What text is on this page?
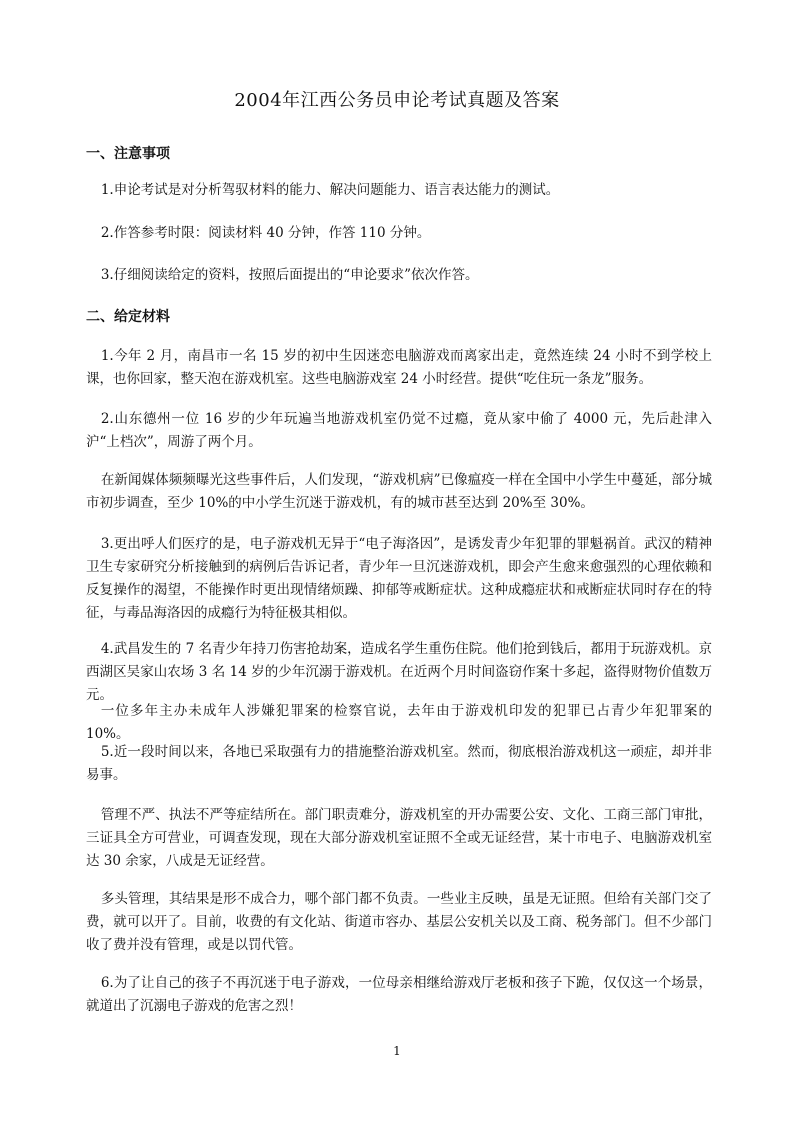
2004年江西公务员申论考试真题及答案
一、注意事项

1.申论考试是对分析驾驭材料的能力、解决问题能力、语言表达能力的测试。

2.作答参考时限：阅读材料 40 分钟，作答 110 分钟。

3.仔细阅读给定的资料，按照后面提出的“申论要求”依次作答。

二、给定材料

1.今年 2 月，南昌市一名 15 岁的初中生因迷恋电脑游戏而离家出走，竟然连续 24 小时不到学校上课，也你回家，整天泡在游戏机室。这些电脑游戏室 24 小时经营。提供“吃住玩一条龙”服务。

2.山东德州一位 16 岁的少年玩遍当地游戏机室仍觉不过瘾，竟从家中偷了 4000 元，先后赴津入沪“上档次”，周游了两个月。

在新闻媒体频频曝光这些事件后，人们发现，“游戏机病”已像瘟疫一样在全国中小学生中蔓延，部分城市初步调查，至少 10%的中小学生沉迷于游戏机，有的城市甚至达到 20%至 30%。

3.更出呼人们医疗的是，电子游戏机无异于“电子海洛因”，是诱发青少年犯罪的罪魁祸首。武汉的精神卫生专家研究分析接触到的病例后告诉记者，青少年一旦沉迷游戏机，即会产生愈来愈强烈的心理依赖和反复操作的渴望，不能操作时更出现情绪烦躁、抑郁等戒断症状。这种成瘾症状和戒断症状同时存在的特征，与毒品海洛因的成瘾行为特征极其相似。

4.武昌发生的 7 名青少年持刀伤害抢劫案，造成名学生重伤住院。他们抢到钱后，都用于玩游戏机。京西湖区吴家山农场 3 名 14 岁的少年沉溺于游戏机。在近两个月时间盗窃作案十多起，盗得财物价值数万元。

一位多年主办未成年人涉嫌犯罪案的检察官说，去年由于游戏机印发的犯罪已占青少年犯罪案的 10%。

5.近一段时间以来，各地已采取强有力的措施整治游戏机室。然而，彻底根治游戏机这一顽症，却并非易事。

管理不严、执法不严等症结所在。部门职责难分，游戏机室的开办需要公安、文化、工商三部门审批，三证具全方可营业，可调查发现，现在大部分游戏机室证照不全或无证经营，某十市电子、电脑游戏机室达 30 余家，八成是无证经营。

多头管理，其结果是形不成合力，哪个部门都不负责。一些业主反映，虽是无证照。但给有关部门交了费，就可以开了。目前，收费的有文化站、街道市容办、基层公安机关以及工商、税务部门。但不少部门收了费并没有管理，或是以罚代管。

6.为了让自己的孩子不再沉迷于电子游戏，一位母亲相继给游戏厅老板和孩子下跪，仅仅这一个场景，就道出了沉溺电子游戏的危害之烈！

1
